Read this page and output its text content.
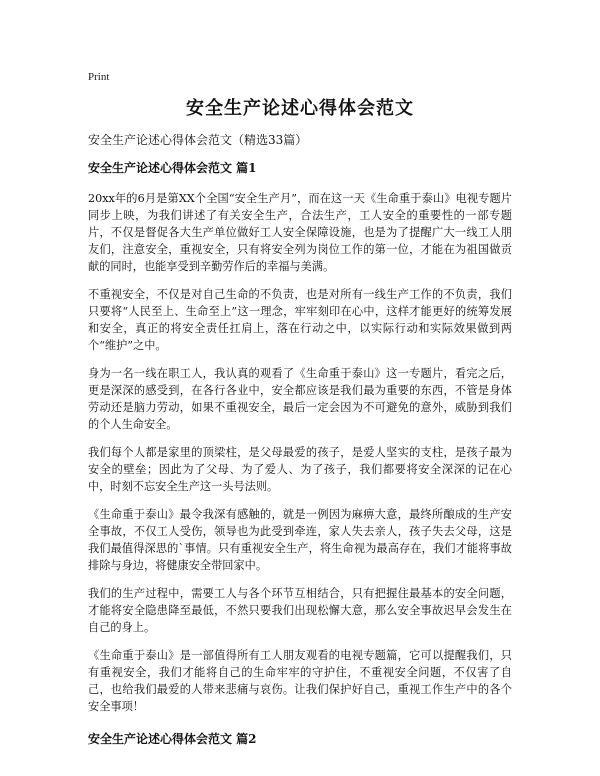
Print
安全生产论述心得体会范文
安全生产论述心得体会范文（精选33篇）
安全生产论述心得体会范文 篇1

20xx年的6月是第XX个全国“安全生产月”，而在这一天《生命重于泰山》电视专题片同步上映，为我们讲述了有关安全生产，合法生产，工人安全的重要性的一部专题片，不仅是督促各大生产单位做好工人安全保障设施，也是为了提醒广大一线工人朋友们，注意安全，重视安全，只有将安全列为岗位工作的第一位，才能在为祖国做贡献的同时，也能享受到辛勤劳作后的幸福与美满。

不重视安全，不仅是对自己生命的不负责，也是对所有一线生产工作的不负责，我们只要将“人民至上、生命至上”这一理念，牢牢刻印在心中，这样才能更好的统筹发展和安全，真正的将安全责任扛肩上，落在行动之中，以实际行动和实际效果做到两个“维护”之中。

身为一名一线在职工人，我认真的观看了《生命重于泰山》这一专题片，看完之后，更是深深的感受到，在各行各业中，安全都应该是我们最为重要的东西，不管是身体劳动还是脑力劳动，如果不重视安全，最后一定会因为不可避免的意外，威胁到我们的个人生命安全。

我们每个人都是家里的顶梁柱，是父母最爱的孩子，是爱人坚实的支柱，是孩子最为安全的壁垒；因此为了父母、为了爱人、为了孩子，我们都要将安全深深的记在心中，时刻不忘安全生产这一头号法则。

《生命重于泰山》最令我深有感触的，就是一例因为麻痹大意，最终所酿成的生产安全事故，不仅工人受伤，领导也为此受到牵连，家人失去亲人，孩子失去父母，这是我们最值得深思的`事情。只有重视安全生产，将生命视为最高存在，我们才能将事故排除与身边，将健康安全带回家中。

我们的生产过程中，需要工人与各个环节互相结合，只有把握住最基本的安全问题，才能将安全隐患降至最低，不然只要我们出现松懈大意，那么安全事故迟早会发生在自己的身上。

《生命重于泰山》是一部值得所有工人朋友观看的电视专题篇，它可以提醒我们，只有重视安全，我们才能将自己的生命牢牢的守护住，不重视安全问题，不仅害了自己，也给我们最爱的人带来悲痛与哀伤。让我们保护好自己，重视工作生产中的各个安全事项！

安全生产论述心得体会范文 篇2
